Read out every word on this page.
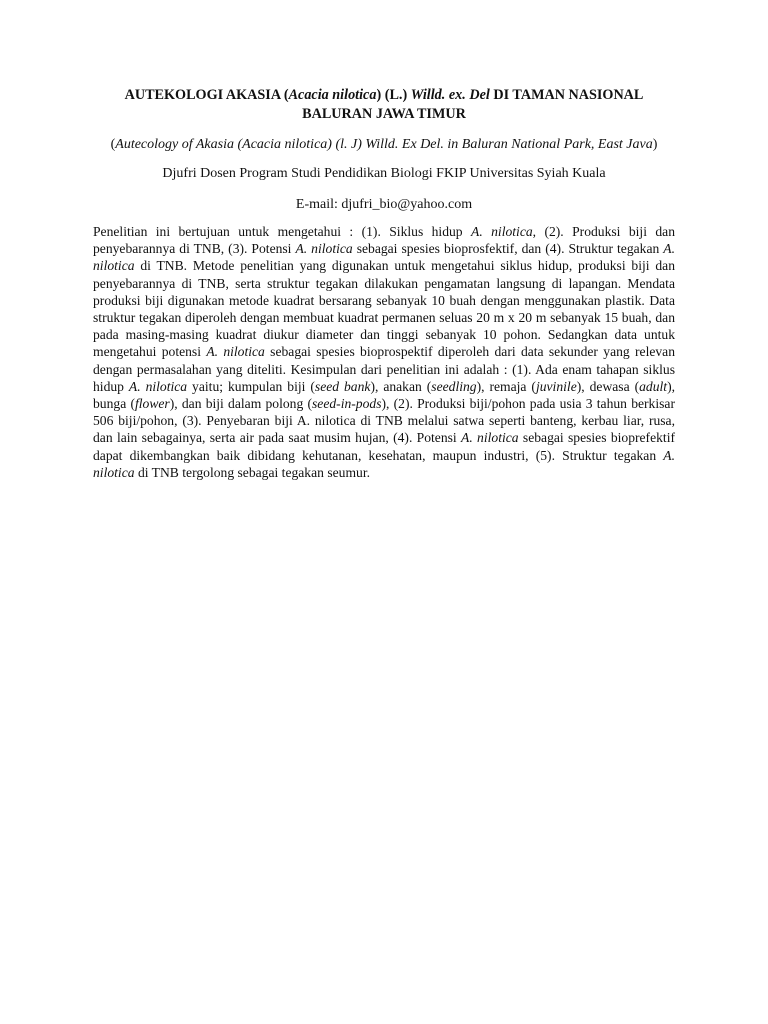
AUTEKOLOGI AKASIA (Acacia nilotica) (L.) Willd. ex. Del DI TAMAN NASIONAL BALURAN JAWA TIMUR

(Autecology of Akasia (Acacia nilotica) (l. J) Willd. Ex Del. in Baluran National Park, East Java)

Djufri Dosen Program Studi Pendidikan Biologi FKIP Universitas Syiah Kuala

E-mail: djufri_bio@yahoo.com

Penelitian ini bertujuan untuk mengetahui : (1). Siklus hidup A. nilotica, (2). Produksi biji dan penyebarannya di TNB, (3). Potensi A. nilotica sebagai spesies bioprosfektif, dan (4). Struktur tegakan A. nilotica di TNB. Metode penelitian yang digunakan untuk mengetahui siklus hidup, produksi biji dan penyebarannya di TNB, serta struktur tegakan dilakukan pengamatan langsung di lapangan. Mendata produksi biji digunakan metode kuadrat bersarang sebanyak 10 buah dengan menggunakan plastik. Data struktur tegakan diperoleh dengan membuat kuadrat permanen seluas 20 m x 20 m sebanyak 15 buah, dan pada masing-masing kuadrat diukur diameter dan tinggi sebanyak 10 pohon. Sedangkan data untuk mengetahui potensi A. nilotica sebagai spesies bioprospektif diperoleh dari data sekunder yang relevan dengan permasalahan yang diteliti. Kesimpulan dari penelitian ini adalah : (1). Ada enam tahapan siklus hidup A. nilotica yaitu; kumpulan biji (seed bank), anakan (seedling), remaja (juvinile), dewasa (adult), bunga (flower), dan biji dalam polong (seed-in-pods), (2). Produksi biji/pohon pada usia 3 tahun berkisar 506 biji/pohon, (3). Penyebaran biji A. nilotica di TNB melalui satwa seperti banteng, kerbau liar, rusa, dan lain sebagainya, serta air pada saat musim hujan, (4). Potensi A. nilotica sebagai spesies bioprefektif dapat dikembangkan baik dibidang kehutanan, kesehatan, maupun industri, (5). Struktur tegakan A. nilotica di TNB tergolong sebagai tegakan seumur.
